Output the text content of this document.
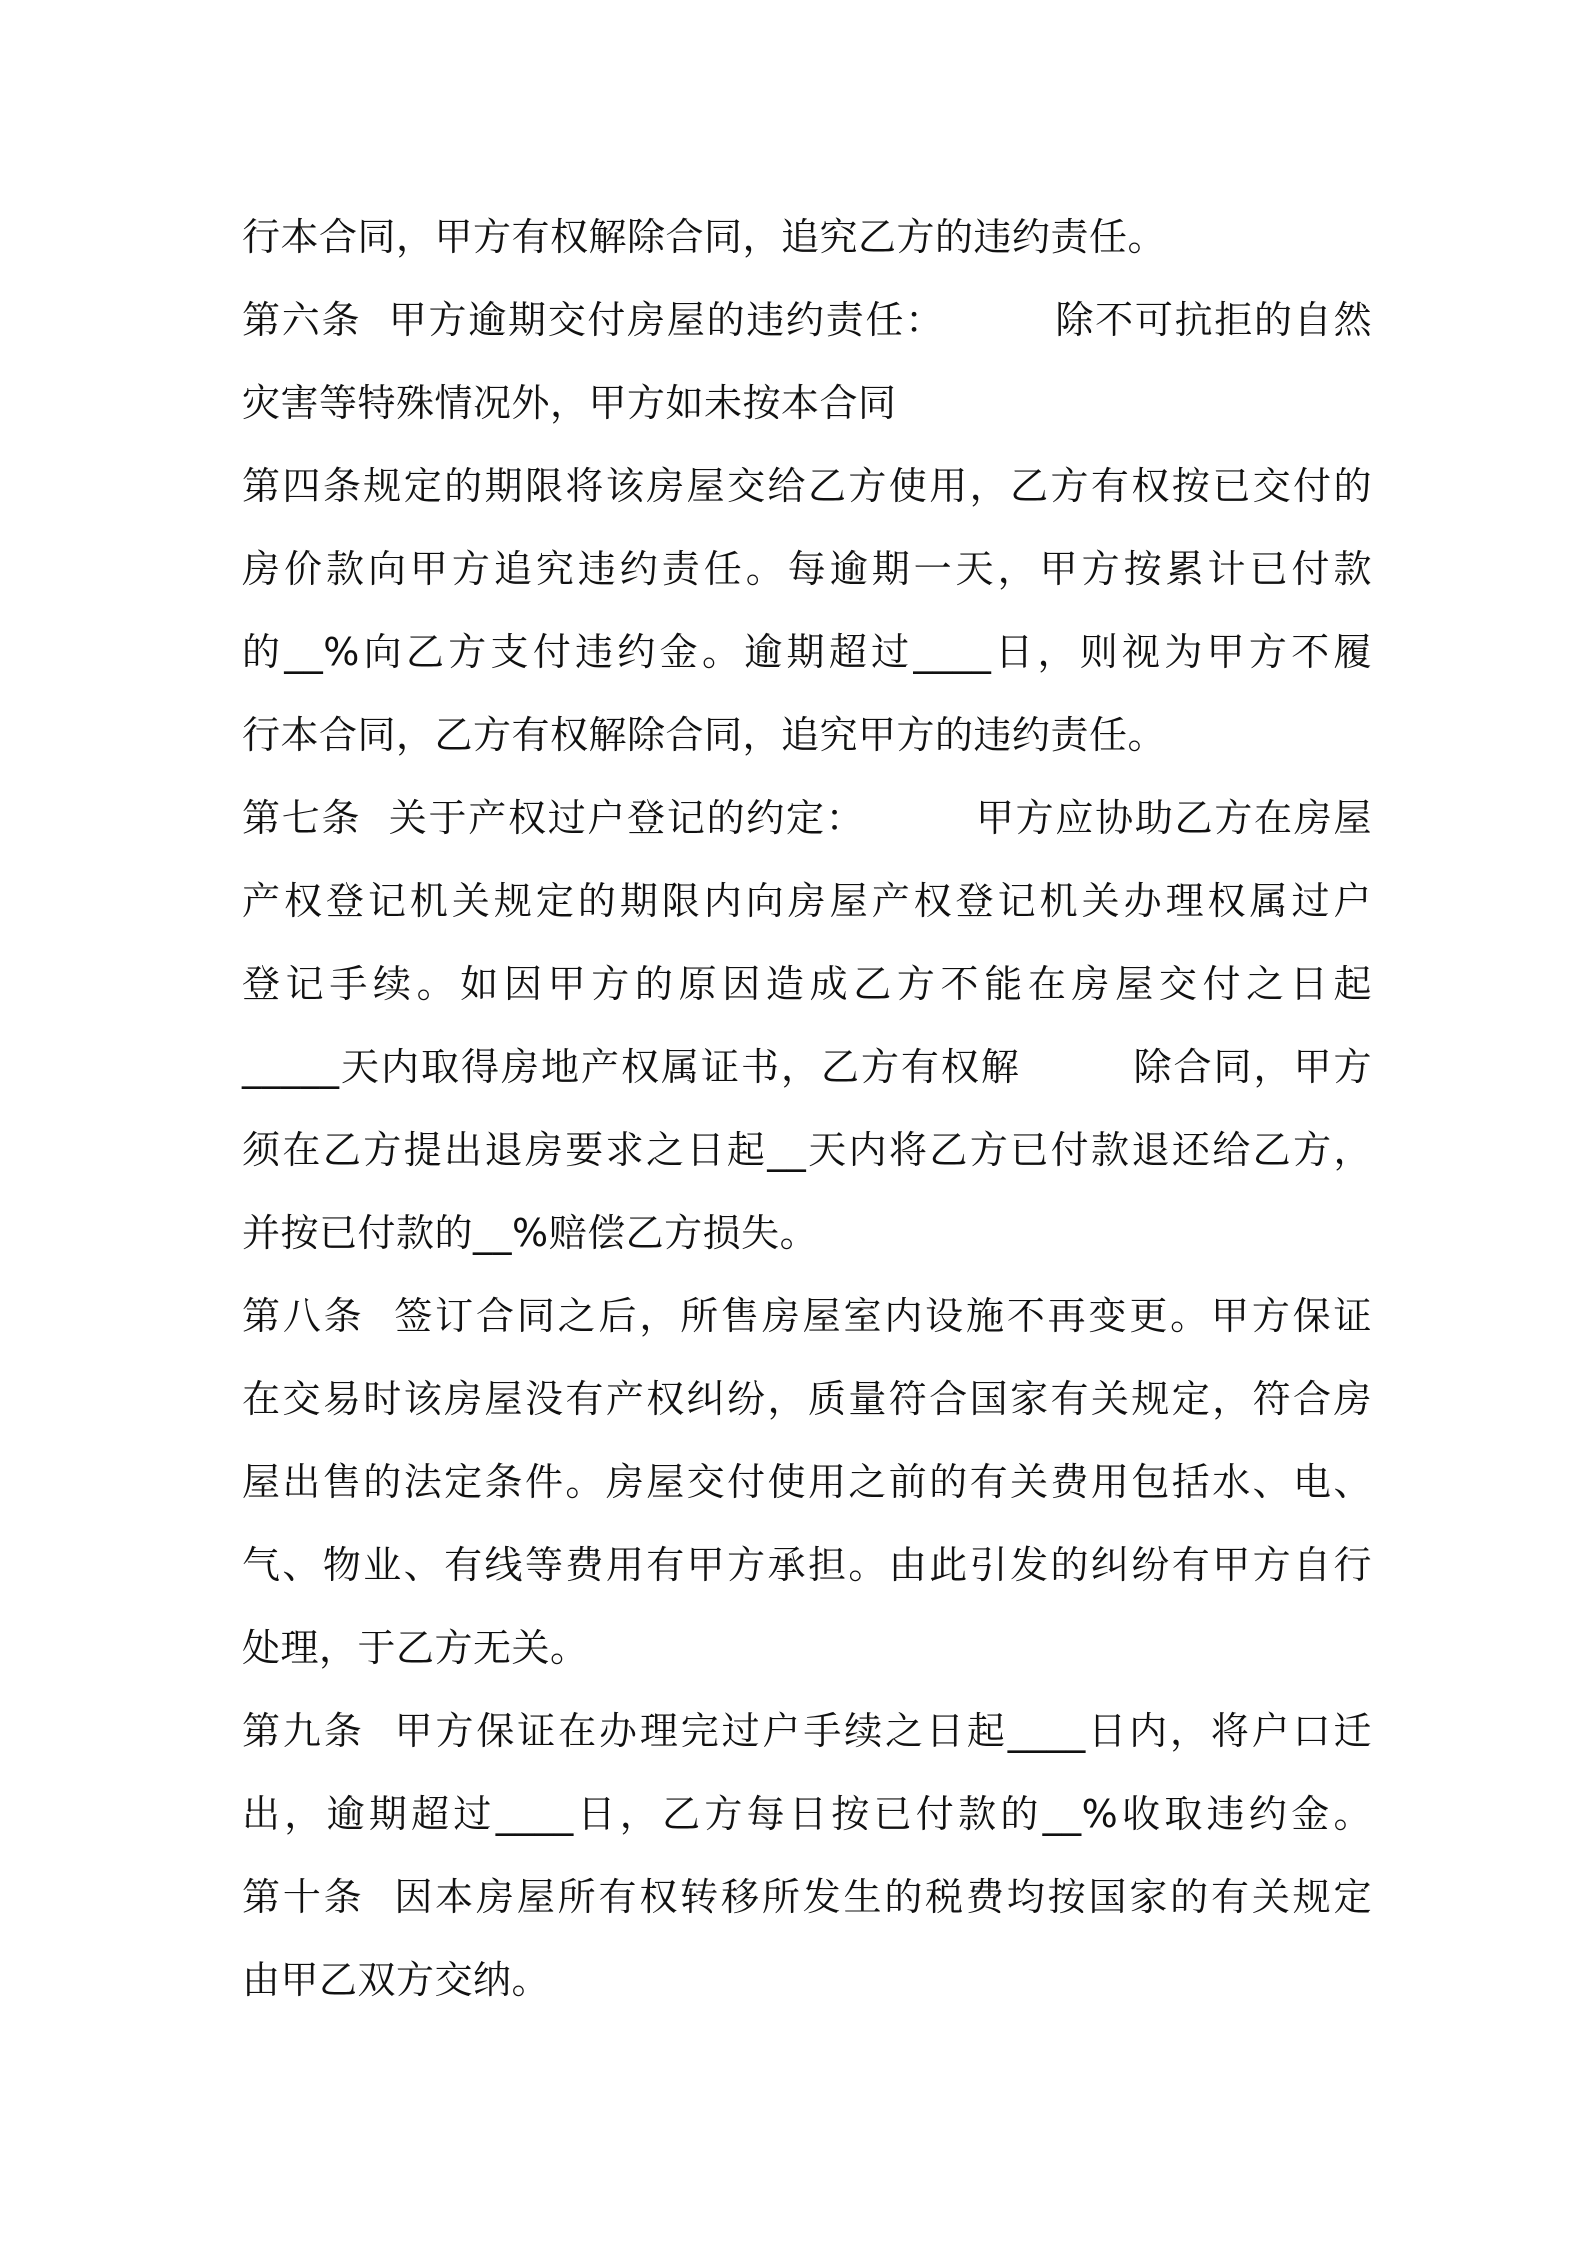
行本合同，甲方有权解除合同，追究乙方的违约责任。
第六条  甲方逾期交付房屋的违约责任：        除不可抗拒的自然
灾害等特殊情况外，甲方如未按本合同
第四条规定的期限将该房屋交给乙方使用，乙方有权按已交付的
房价款向甲方追究违约责任。每逾期一天，甲方按累计已付款
的__%向乙方支付违约金。逾期超过____日，则视为甲方不履
行本合同，乙方有权解除合同，追究甲方的违约责任。
第七条  关于产权过户登记的约定：        甲方应协助乙方在房屋
产权登记机关规定的期限内向房屋产权登记机关办理权属过户
登记手续。如因甲方的原因造成乙方不能在房屋交付之日起
_____天内取得房地产权属证书，乙方有权解        除合同，甲方
须在乙方提出退房要求之日起__天内将乙方已付款退还给乙方，
并按已付款的__%赔偿乙方损失。
第八条  签订合同之后，所售房屋室内设施不再变更。甲方保证
在交易时该房屋没有产权纠纷，质量符合国家有关规定，符合房
屋出售的法定条件。房屋交付使用之前的有关费用包括水、电、
气、物业、有线等费用有甲方承担。由此引发的纠纷有甲方自行
处理，于乙方无关。
第九条  甲方保证在办理完过户手续之日起____日内，将户口迁
出，逾期超过____日，乙方每日按已付款的__%收取违约金。
第十条  因本房屋所有权转移所发生的税费均按国家的有关规定
由甲乙双方交纳。
